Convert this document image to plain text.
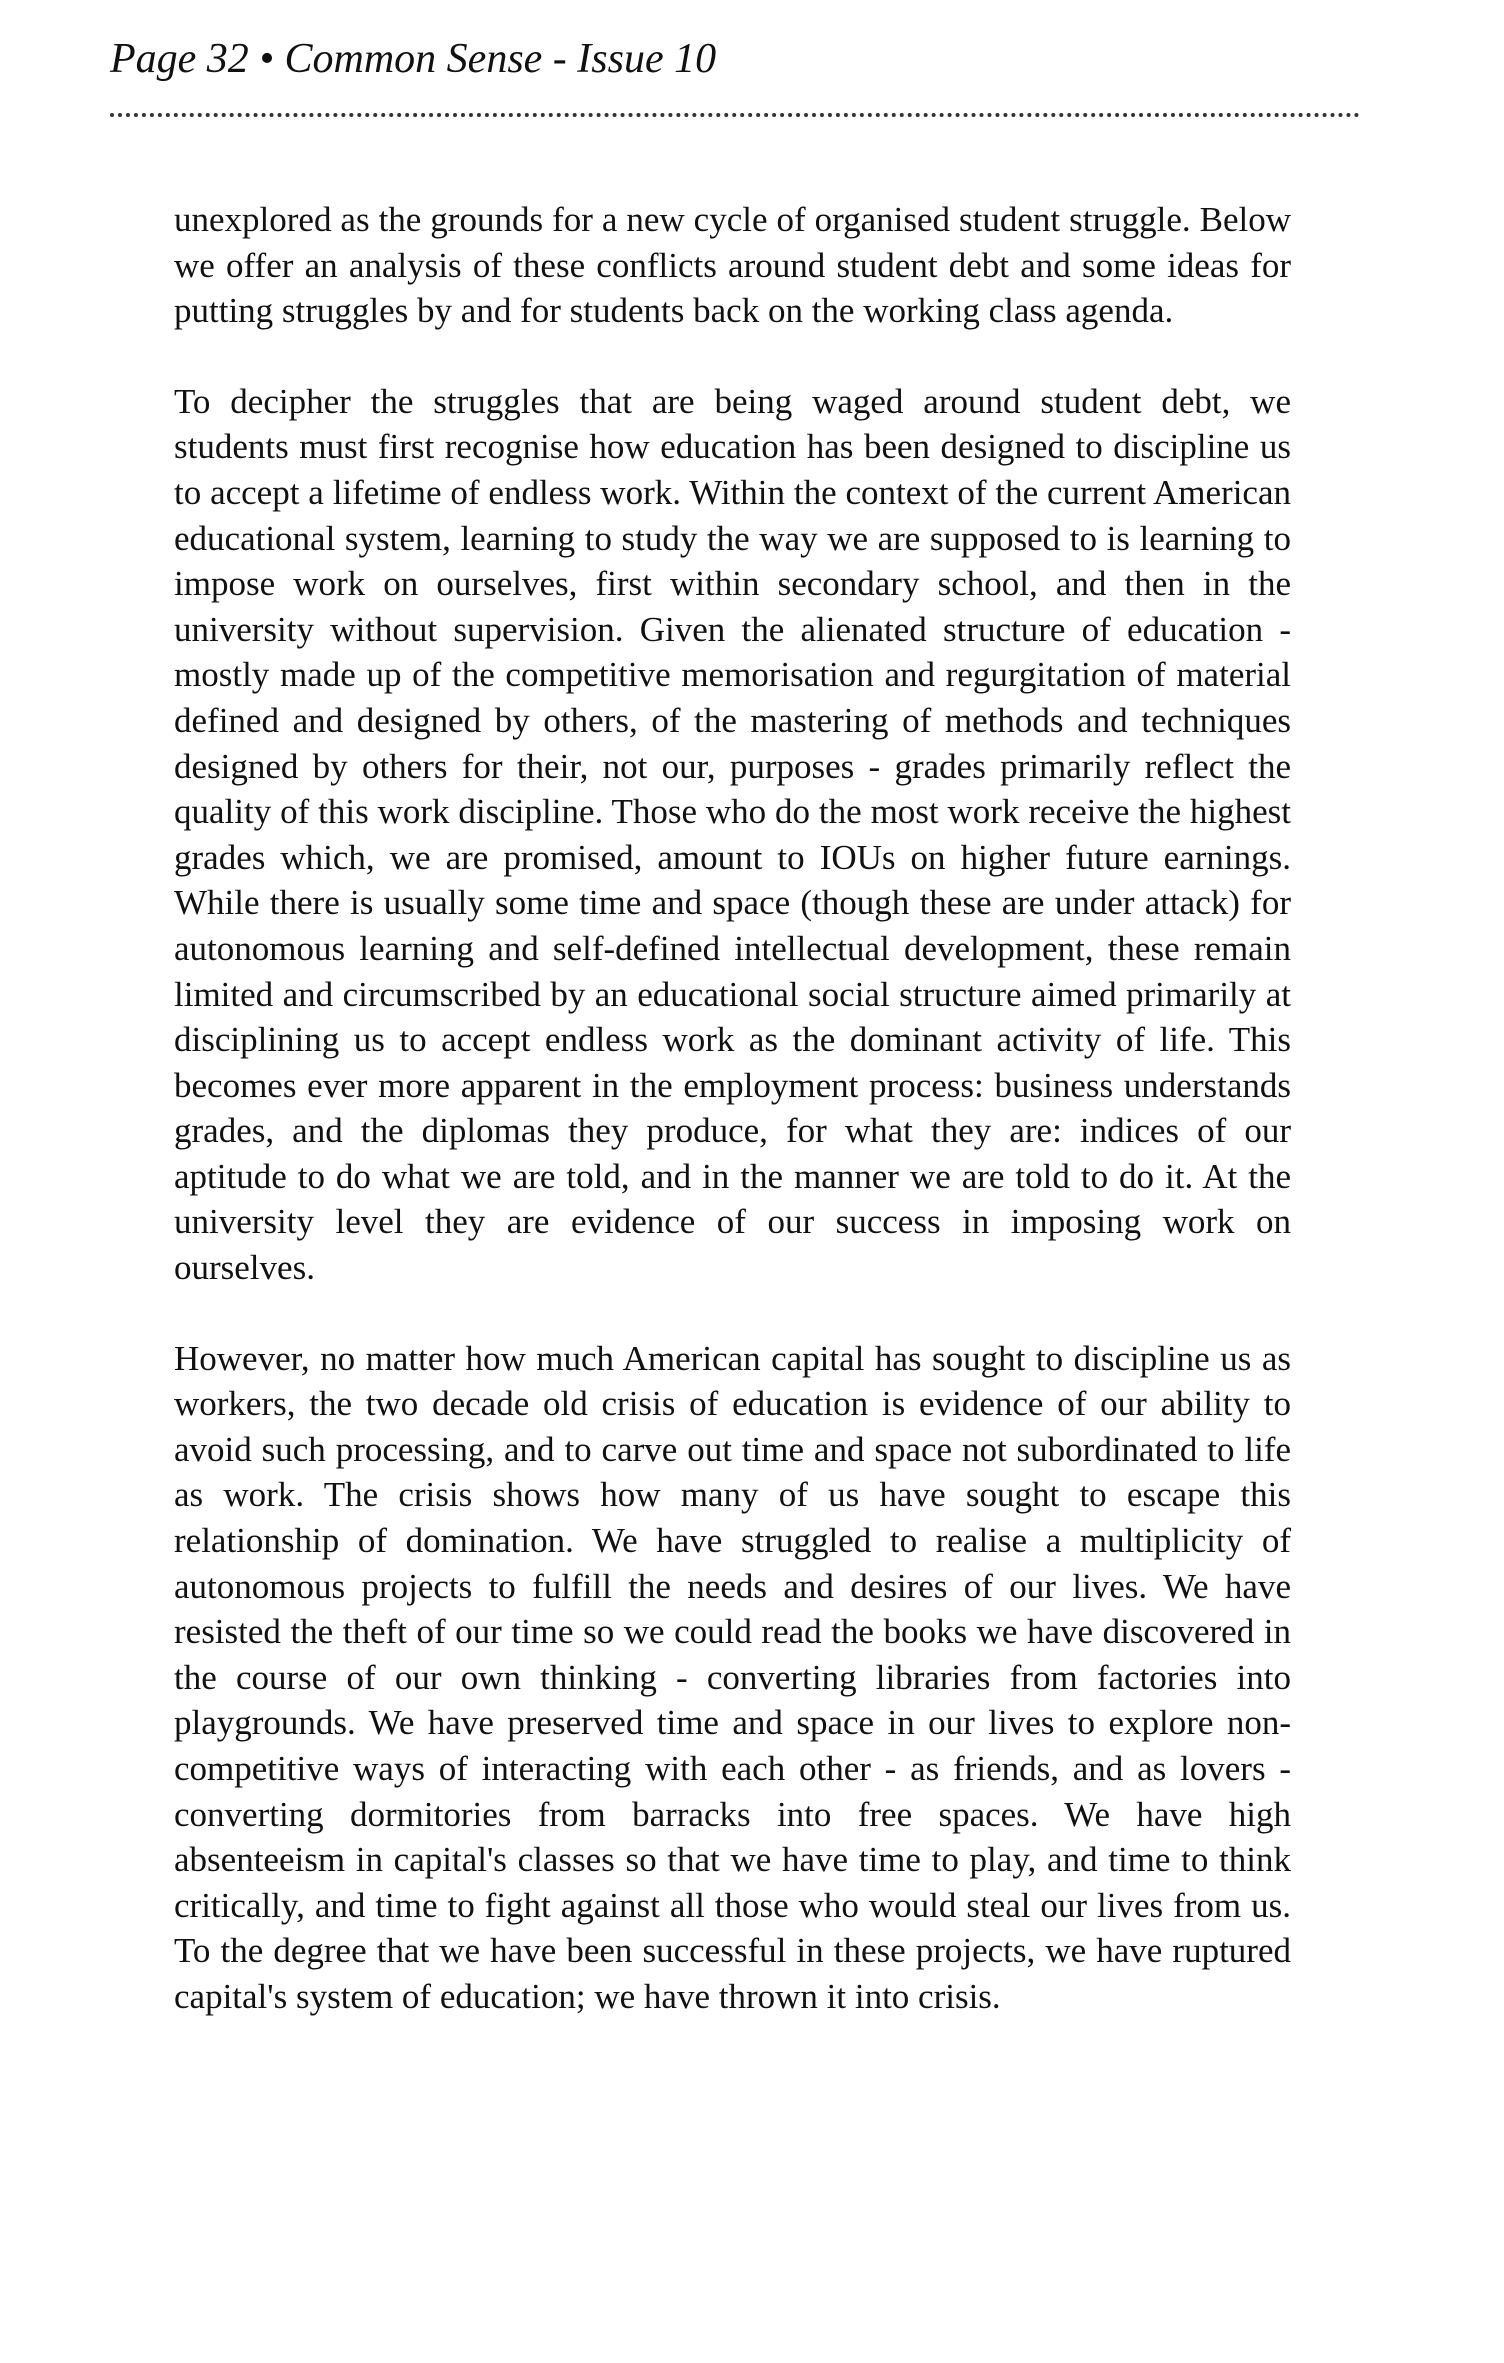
Page 32 • Common Sense - Issue 10

unexplored as the grounds for a new cycle of organised student struggle. Below we offer an analysis of these conflicts around student debt and some ideas for putting struggles by and for students back on the working class agenda.

To decipher the struggles that are being waged around student debt, we students must first recognise how education has been designed to discipline us to accept a lifetime of endless work. Within the context of the current American educational system, learning to study the way we are supposed to is learning to impose work on ourselves, first within secondary school, and then in the university without supervision. Given the alienated structure of education - mostly made up of the competitive memorisation and regurgitation of material defined and designed by others, of the mastering of methods and techniques designed by others for their, not our, purposes - grades primarily reflect the quality of this work discipline. Those who do the most work receive the highest grades which, we are promised, amount to IOUs on higher future earnings. While there is usually some time and space (though these are under attack) for autonomous learning and self-defined intellectual development, these remain limited and circumscribed by an educational social structure aimed primarily at disciplining us to accept endless work as the dominant activity of life. This becomes ever more apparent in the employment process: business understands grades, and the diplomas they produce, for what they are: indices of our aptitude to do what we are told, and in the manner we are told to do it. At the university level they are evidence of our success in imposing work on ourselves.

However, no matter how much American capital has sought to discipline us as workers, the two decade old crisis of education is evidence of our ability to avoid such processing, and to carve out time and space not subordinated to life as work. The crisis shows how many of us have sought to escape this relationship of domination. We have struggled to realise a multiplicity of autonomous projects to fulfill the needs and desires of our lives. We have resisted the theft of our time so we could read the books we have discovered in the course of our own thinking - converting libraries from factories into playgrounds. We have preserved time and space in our lives to explore non-competitive ways of interacting with each other - as friends, and as lovers - converting dormitories from barracks into free spaces. We have high absenteeism in capital's classes so that we have time to play, and time to think critically, and time to fight against all those who would steal our lives from us. To the degree that we have been successful in these projects, we have ruptured capital's system of education; we have thrown it into crisis.
